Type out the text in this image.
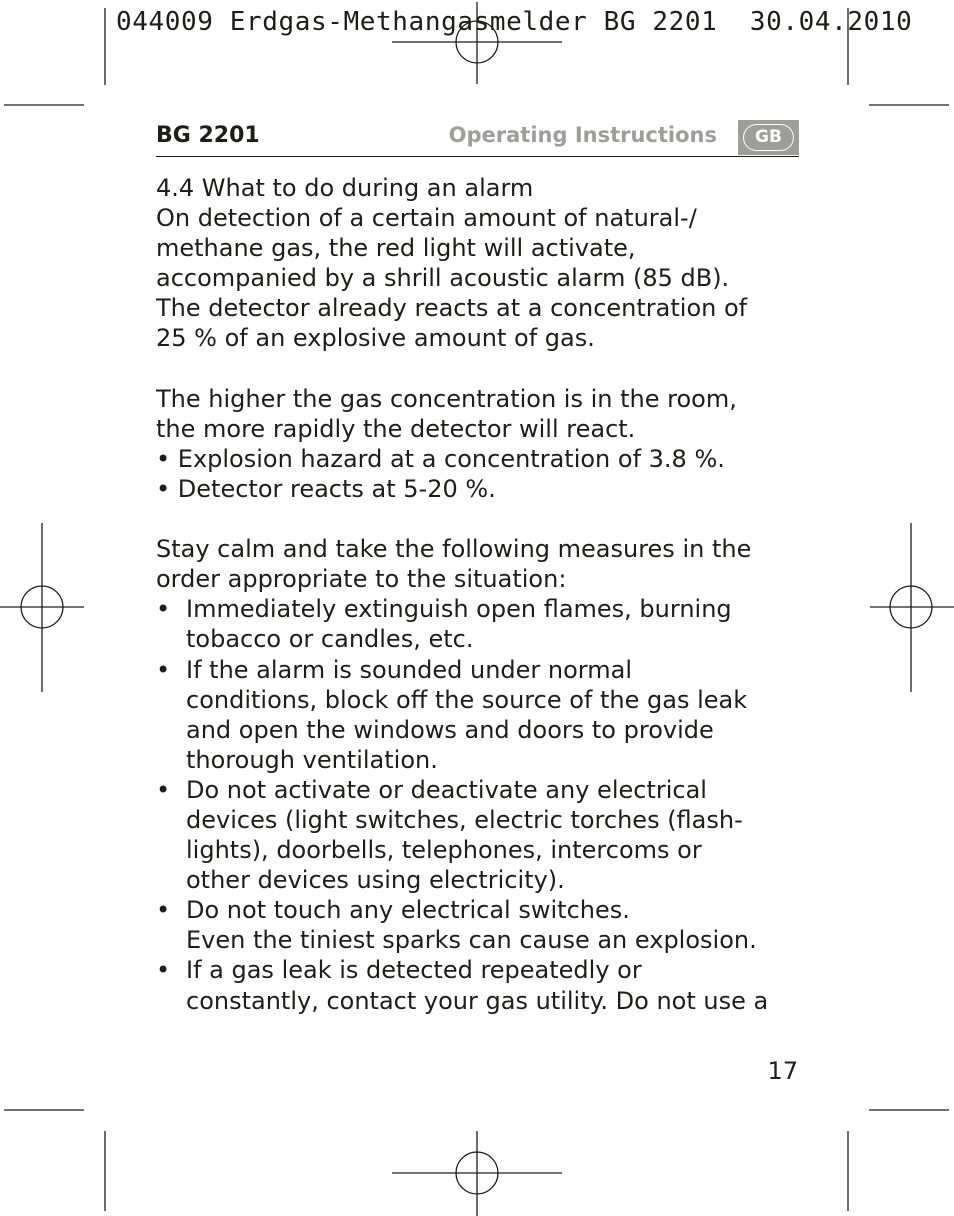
044009 Erdgas-Methangasmelder BG 2201  30.04.2010
BG 2201	Operating Instructions	GB

4.4 What to do during an alarm

On detection of a certain amount of natural-/

methane gas, the red light will activate,

accompanied by a shrill acoustic alarm (85 dB).

The detector already reacts at a concentration of

25 % of an explosive amount of gas.

The higher the gas concentration is in the room,

the more rapidly the detector will react.

• Explosion hazard at a concentration of 3.8 %.

• Detector reacts at 5-20 %.

Stay calm and take the following measures in the

order appropriate to the situation:

• Immediately extinguish open flames, burning
tobacco or candles, etc.
• If the alarm is sounded under normal
conditions, block off the source of the gas leak
and open the windows and doors to provide
thorough ventilation.
• Do not activate or deactivate any electrical
devices (light switches, electric torches (flash-
lights), doorbells, telephones, intercoms or
other devices using electricity).
• Do not touch any electrical switches.
Even the tiniest sparks can cause an explosion.
• If a gas leak is detected repeatedly or
constantly, contact your gas utility. Do not use a
17
